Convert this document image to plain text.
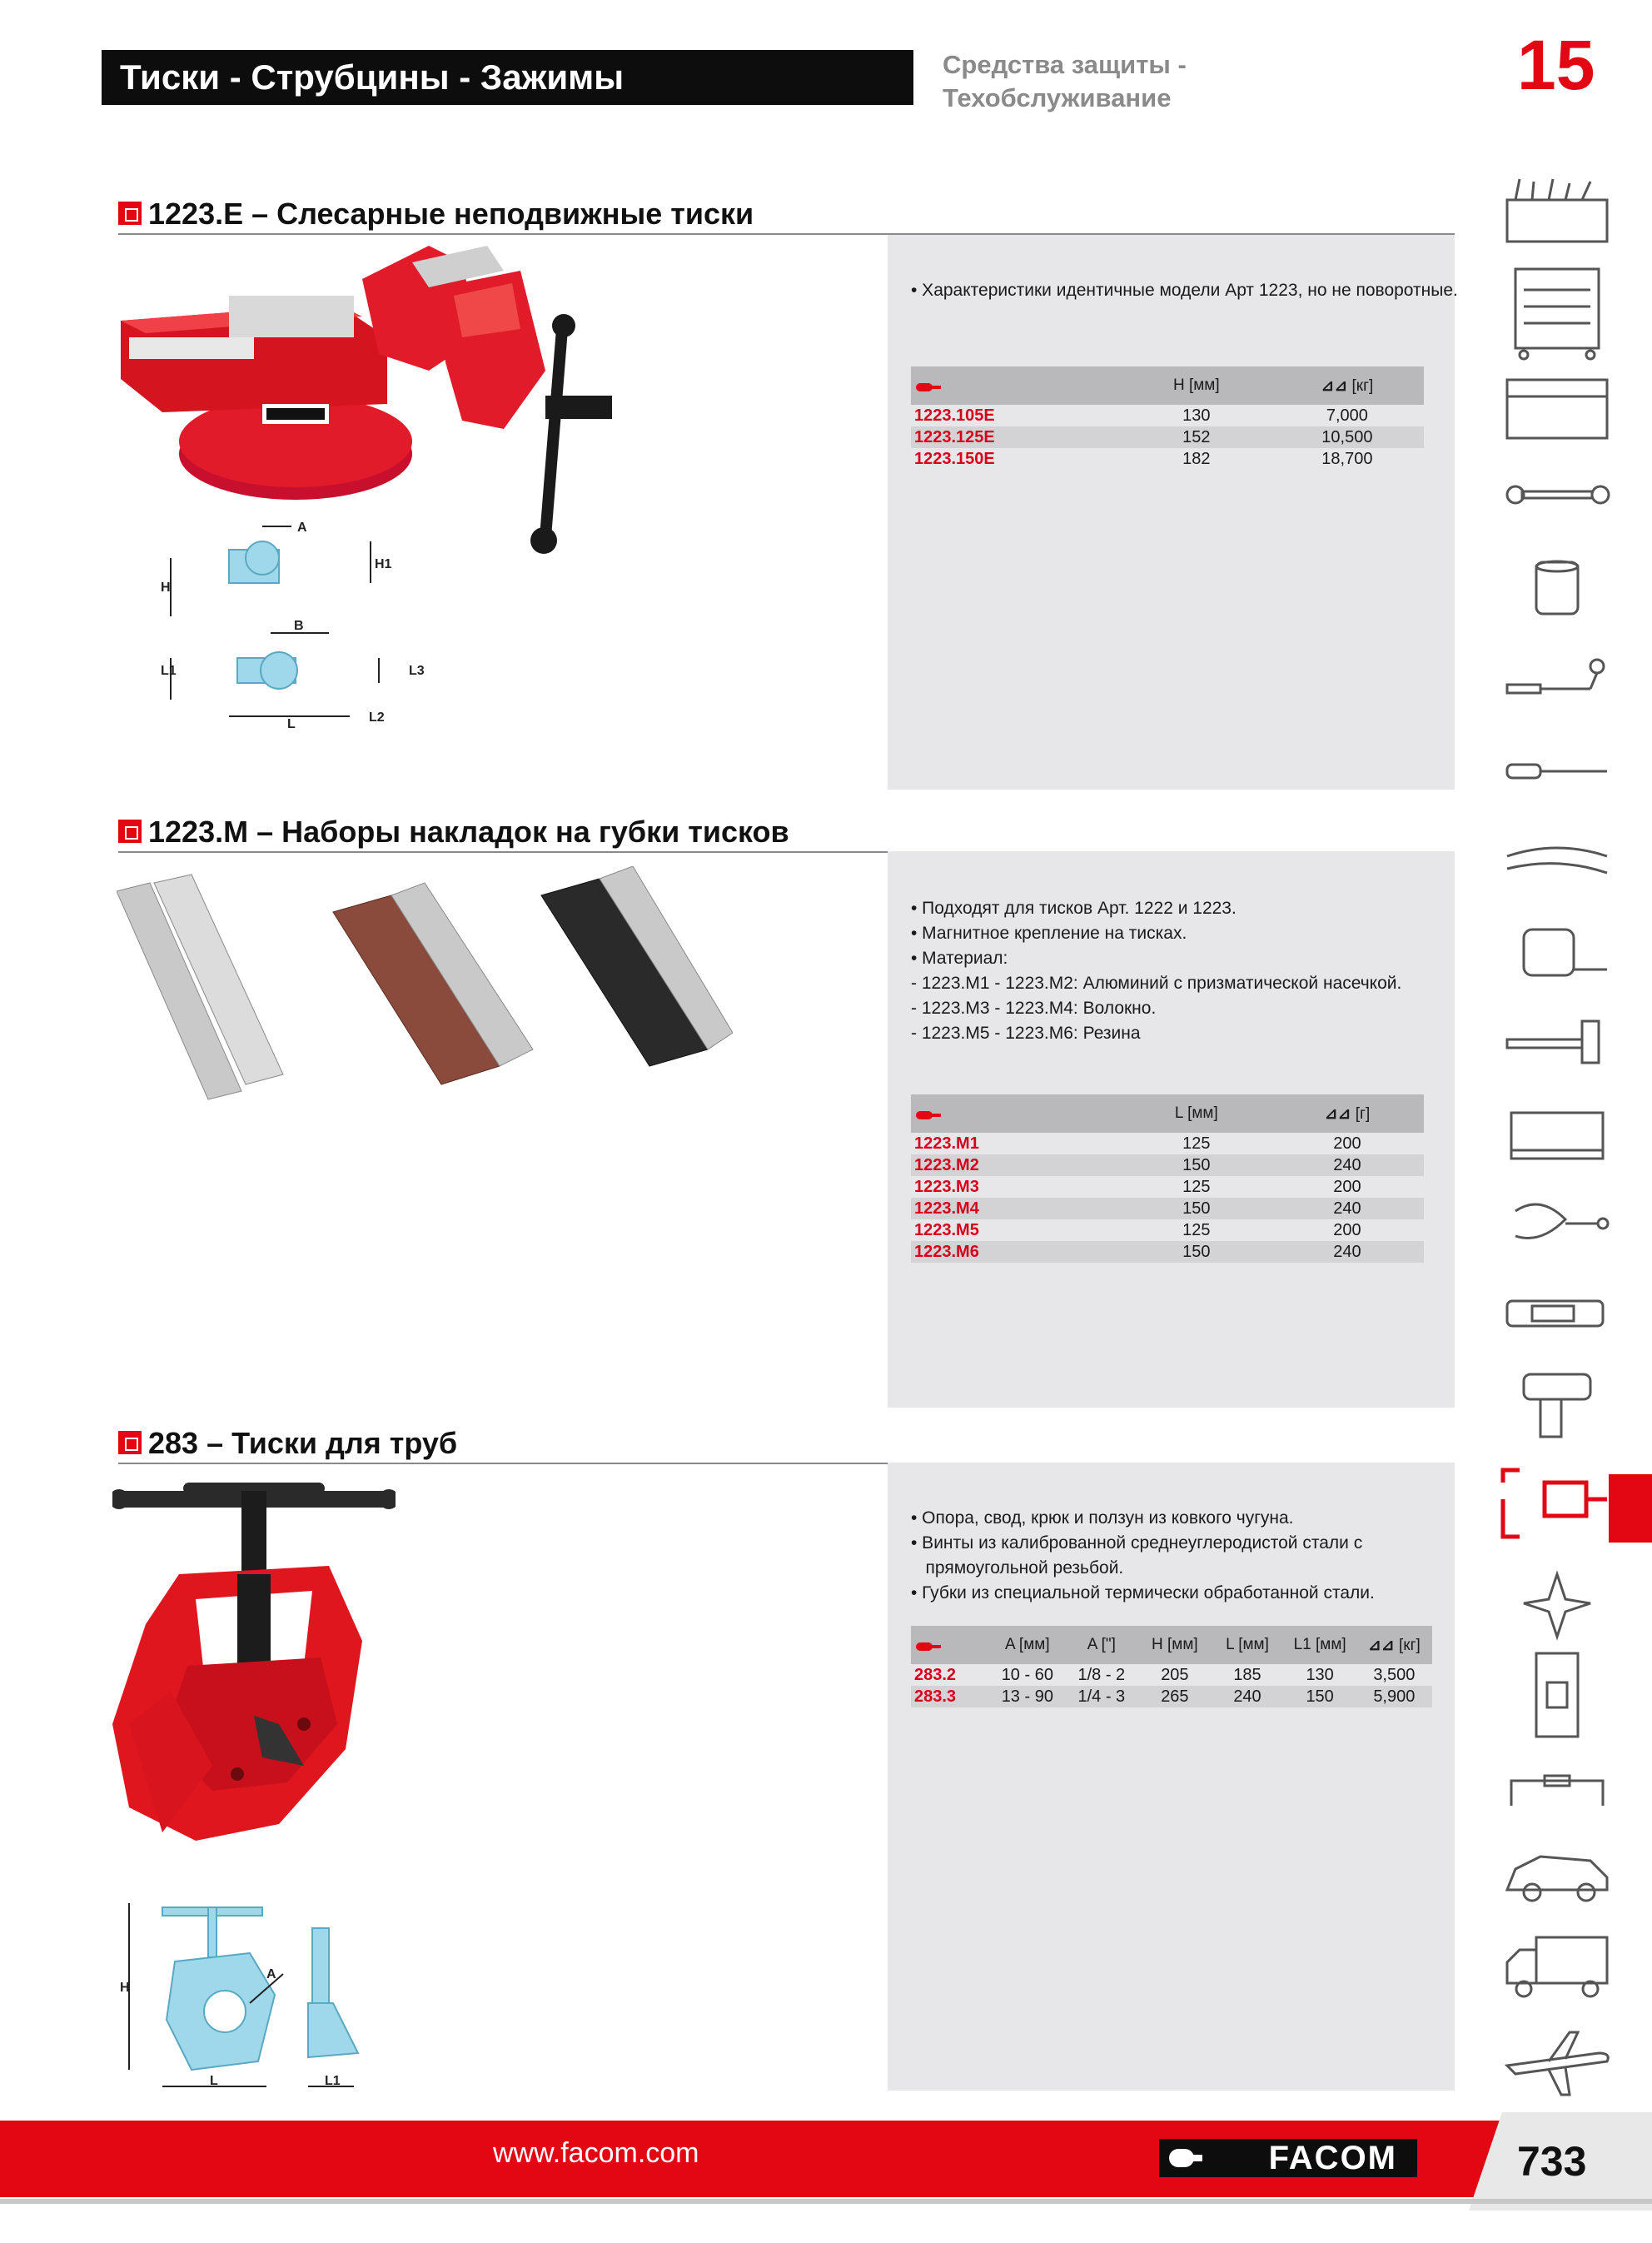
Тиски - Струбцины - Зажимы	Средства защиты -
Техобслуживание	15
1223.E – Слесарные неподвижные тиски
A
H
H1
B
L1	L3
L	L2
• Характеристики идентичные модели Арт 1223, но не поворотные.
	H [мм]	⊿⊿ [кг]
1223.105E	130	7,000
1223.125E	152	10,500
1223.150E	182	18,700
1223.M – Наборы накладок на губки тисков
• Подходят для тисков Арт. 1222 и 1223.
• Магнитное крепление на тисках.
• Материал:
- 1223.M1 - 1223.M2: Алюминий с призматической насечкой.
- 1223.M3 - 1223.M4: Волокно.
- 1223.M5 - 1223.M6: Резина
	L [мм]	⊿⊿ [г]
1223.M1	125	200
1223.M2	150	240
1223.M3	125	200
1223.M4	150	240
1223.M5	125	200
1223.M6	150	240
283 – Тиски для труб
H
A
L	L1
• Опора, свод, крюк и ползун из ковкого чугуна.
• Винты из калиброванной среднеуглеродистой стали с
прямоугольной резьбой.
• Губки из специальной термически обработанной стали.
	A [мм]	A ["]	H [мм]	L [мм]	L1 [мм]	⊿⊿ [кг]
283.2	10 - 60	1/8 - 2	205	185	130	3,500
283.3	13 - 90	1/4 - 3	265	240	150	5,900
www.facom.com	FACOM	733
